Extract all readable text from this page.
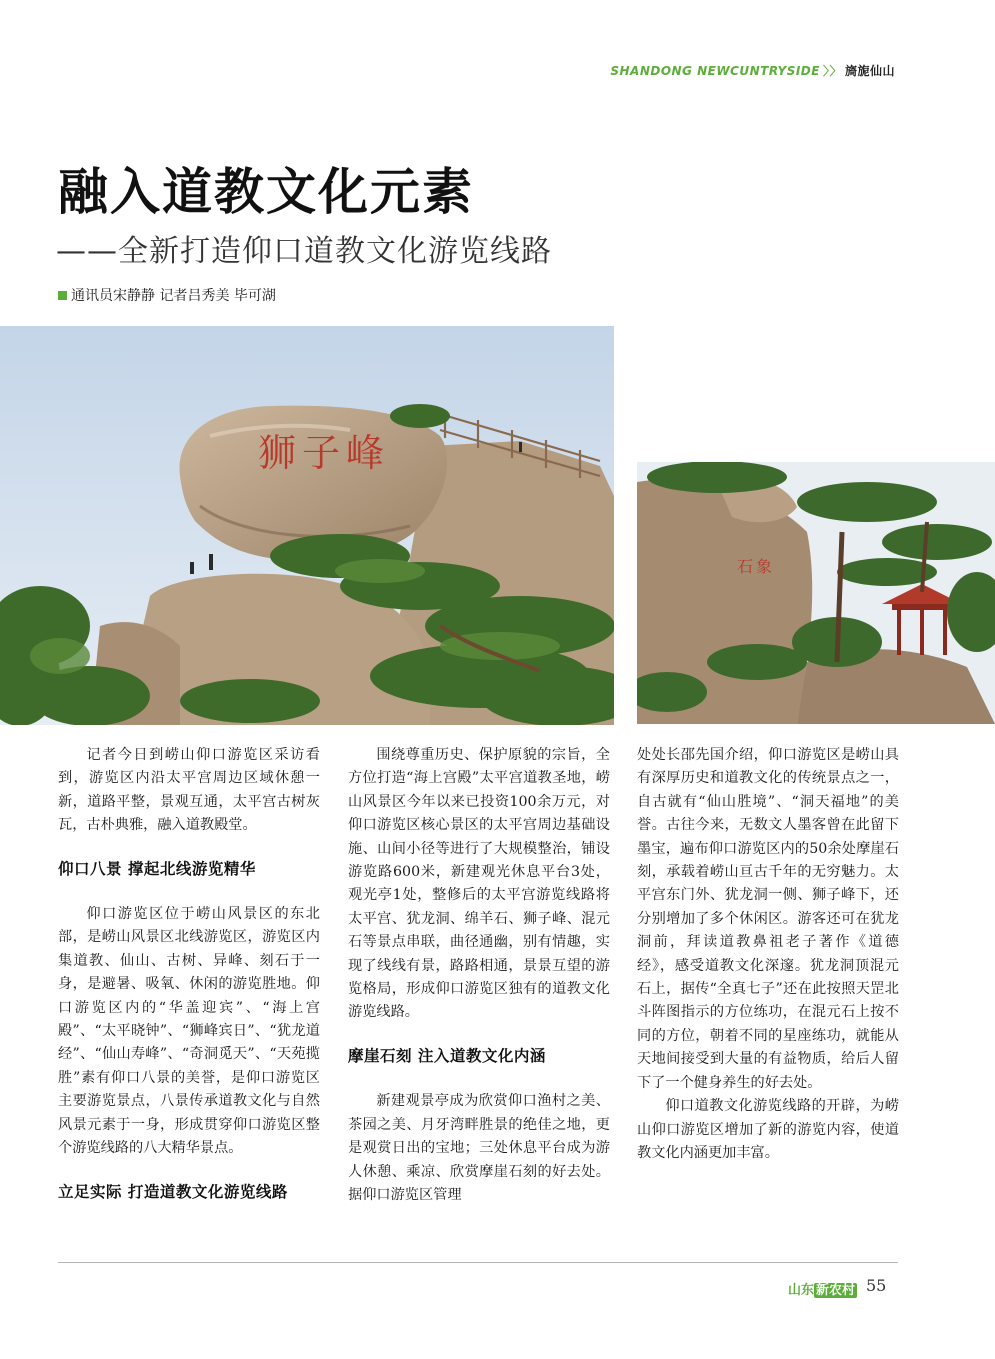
SHANDONG NEWCUNTRYSIDE 〉〉 旖旎仙山
融入道教文化元素
——全新打造仰口道教文化游览线路
通讯员宋静静 记者吕秀美 毕可湖
狮子峰
石象

记者今日到崂山仰口游览区采访看到，游览区内沿太平宫周边区域休憩一新，道路平整，景观互通，太平宫古树灰瓦，古朴典雅，融入道教殿堂。

仰口八景 撑起北线游览精华

仰口游览区位于崂山风景区的东北部，是崂山风景区北线游览区，游览区内集道教、仙山、古树、异峰、刻石于一身，是避暑、吸氧、休闲的游览胜地。仰口游览区内的“华盖迎宾”、“海上宫殿”、“太平晓钟”、“狮峰宾日”、“犹龙道经”、“仙山寿峰”、“奇洞觅天”、“天苑揽胜”素有仰口八景的美誉，是仰口游览区主要游览景点，八景传承道教文化与自然风景元素于一身，形成贯穿仰口游览区整个游览线路的八大精华景点。

立足实际 打造道教文化游览线路

围绕尊重历史、保护原貌的宗旨，全方位打造“海上宫殿”太平宫道教圣地，崂山风景区今年以来已投资100余万元，对仰口游览区核心景区的太平宫周边基础设施、山间小径等进行了大规模整治，铺设游览路600米，新建观光休息平台3处，观光亭1处，整修后的太平宫游览线路将太平宫、犹龙洞、绵羊石、狮子峰、混元石等景点串联，曲径通幽，别有情趣，实现了线线有景，路路相通，景景互望的游览格局，形成仰口游览区独有的道教文化游览线路。

摩崖石刻 注入道教文化内涵

新建观景亭成为欣赏仰口渔村之美、茶园之美、月牙湾畔胜景的绝佳之地，更是观赏日出的宝地；三处休息平台成为游人休憩、乘凉、欣赏摩崖石刻的好去处。据仰口游览区管理

处处长邵先国介绍，仰口游览区是崂山具有深厚历史和道教文化的传统景点之一，自古就有“仙山胜境”、“洞天福地”的美誉。古往今来，无数文人墨客曾在此留下墨宝，遍布仰口游览区内的50余处摩崖石刻，承载着崂山亘古千年的无穷魅力。太平宫东门外、犹龙洞一侧、狮子峰下，还分别增加了多个休闲区。游客还可在犹龙洞前，拜读道教鼻祖老子著作《道德经》，感受道教文化深邃。犹龙洞顶混元石上，据传“全真七子”还在此按照天罡北斗阵图指示的方位练功，在混元石上按不同的方位，朝着不同的星座练功，就能从天地间接受到大量的有益物质，给后人留下了一个健身养生的好去处。

仰口道教文化游览线路的开辟，为崂山仰口游览区增加了新的游览内容，使道教文化内涵更加丰富。

山东 新农村 55
